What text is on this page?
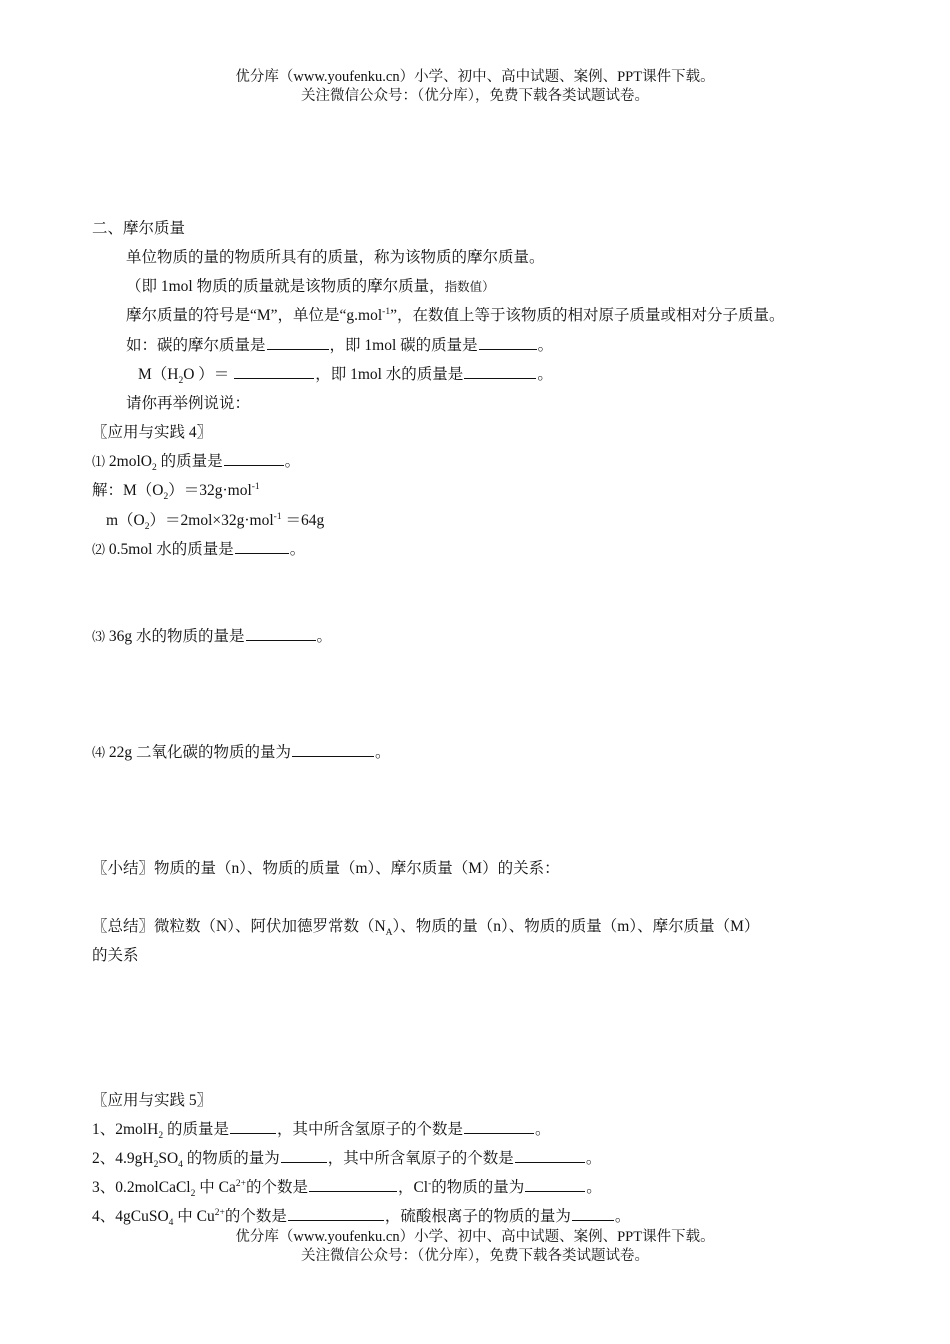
优分库（www.youfenku.cn）小学、初中、高中试题、案例、PPT课件下载。
关注微信公众号：（优分库），免费下载各类试题试卷。
二、摩尔质量
单位物质的量的物质所具有的质量，称为该物质的摩尔质量。
（即 1mol 物质的质量就是该物质的摩尔质量，指数值）
摩尔质量的符号是“M”，单位是“g.mol$^{-1}$”，在数值上等于该物质的相对原子质量或相对分子质量。
如：碳的摩尔质量是	，即 1mol 碳的质量是	。
$M(H_2O$ ）＝	，即 1mol 水的质量是	。
请你再举例说说：
〖应用与实践 4〗
⑴ 2molO$_2$ 的质量是	。
解：$M(O_2)=32g\cdot mol^{-1}$
$m(O_2)=2mol\times 32g\cdot mol^{-1} =64g$
⑵ 0.5mol 水的质量是	。
⑶ 36g 水的物质的量是	。
⑷ 22g 二氧化碳的物质的量为	。
〖小结〗物质的量（n）、物质的质量（m）、摩尔质量（M）的关系：
〖总结〗微粒数（N）、阿伏加德罗常数$(N_A)$、物质的量（n）、物质的质量（m）、摩尔质量（M）
的关系
〖应用与实践 5〗
1、2molH$_2$ 的质量是	，其中所含氢原子的个数是	。
2、$4.9gH_2SO_4$ 的物质的量为	，其中所含氧原子的个数是	。
3、0.2molCaCl$_2$ 中 $Ca^{2+}$的个数是	，Cl-的物质的量为	。
4、4gCuSO$_4$ 中 $Cu^{2+}$的个数是	，硫酸根离子的物质的量为	。
优分库（www.youfenku.cn）小学、初中、高中试题、案例、PPT课件下载。
关注微信公众号：（优分库），免费下载各类试题试卷。
